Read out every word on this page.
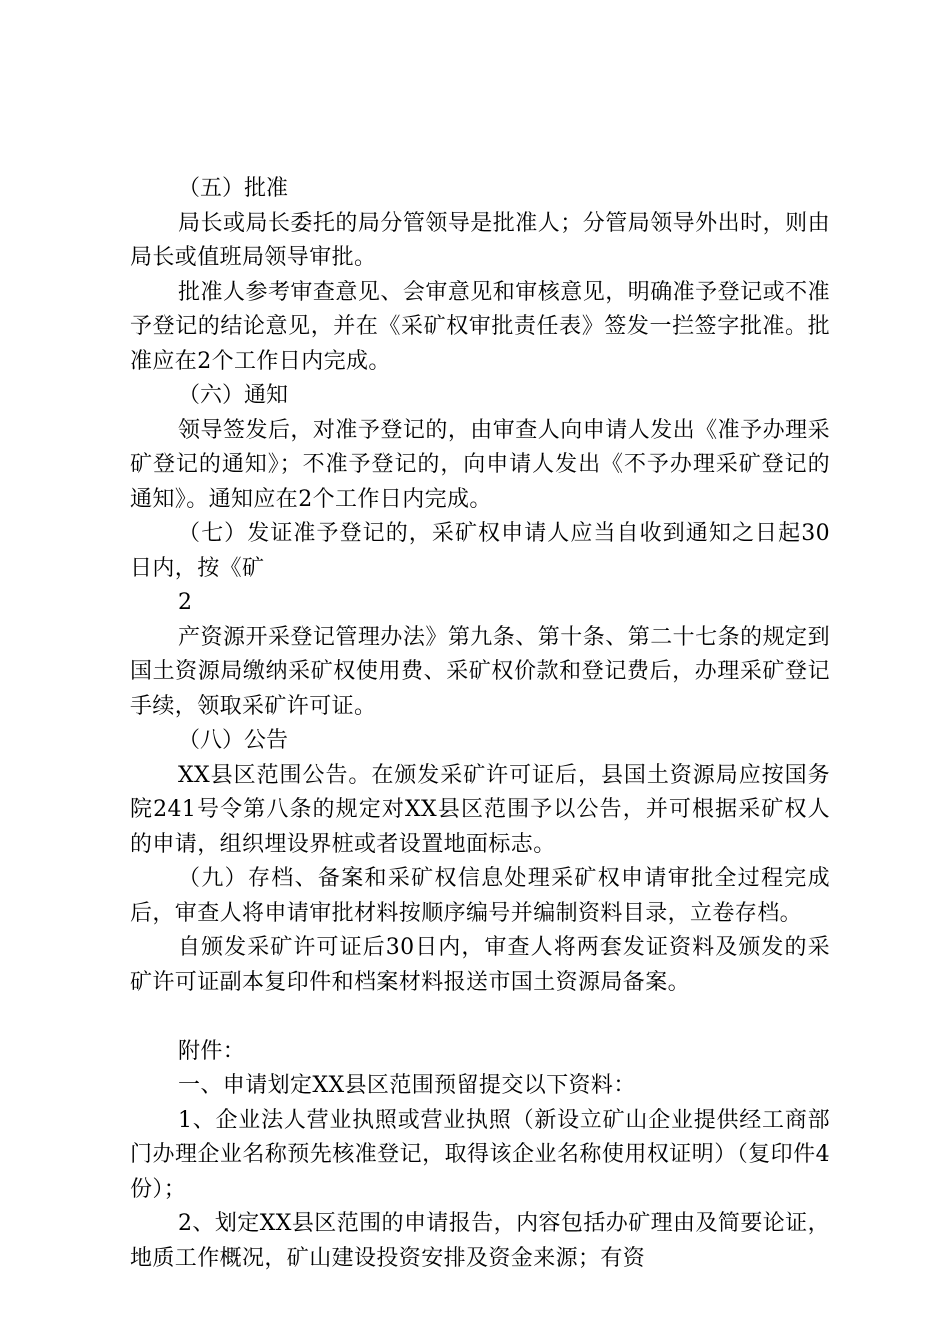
（五）批准

局长或局长委托的局分管领导是批准人；分管局领导外出时，则由局长或值班局领导审批。

批准人参考审查意见、会审意见和审核意见，明确准予登记或不准予登记的结论意见，并在《采矿权审批责任表》签发一拦签字批准。批准应在2个工作日内完成。

（六）通知

领导签发后，对准予登记的，由审查人向申请人发出《准予办理采矿登记的通知》；不准予登记的，向申请人发出《不予办理采矿登记的通知》。通知应在2个工作日内完成。

（七）发证准予登记的，采矿权申请人应当自收到通知之日起30日内，按《矿

2

产资源开采登记管理办法》第九条、第十条、第二十七条的规定到国土资源局缴纳采矿权使用费、采矿权价款和登记费后，办理采矿登记手续，领取采矿许可证。

（八）公告

XX县区范围公告。在颁发采矿许可证后，县国土资源局应按国务院241号令第八条的规定对XX县区范围予以公告，并可根据采矿权人的申请，组织埋设界桩或者设置地面标志。

（九）存档、备案和采矿权信息处理采矿权申请审批全过程完成后，审查人将申请审批材料按顺序编号并编制资料目录，立卷存档。

自颁发采矿许可证后30日内，审查人将两套发证资料及颁发的采矿许可证副本复印件和档案材料报送市国土资源局备案。

附件：

一、申请划定XX县区范围预留提交以下资料：

1、企业法人营业执照或营业执照（新设立矿山企业提供经工商部门办理企业名称预先核准登记，取得该企业名称使用权证明）（复印件4份）；

2、划定XX县区范围的申请报告，内容包括办矿理由及简要论证，地质工作概况，矿山建设投资安排及资金来源；有资
